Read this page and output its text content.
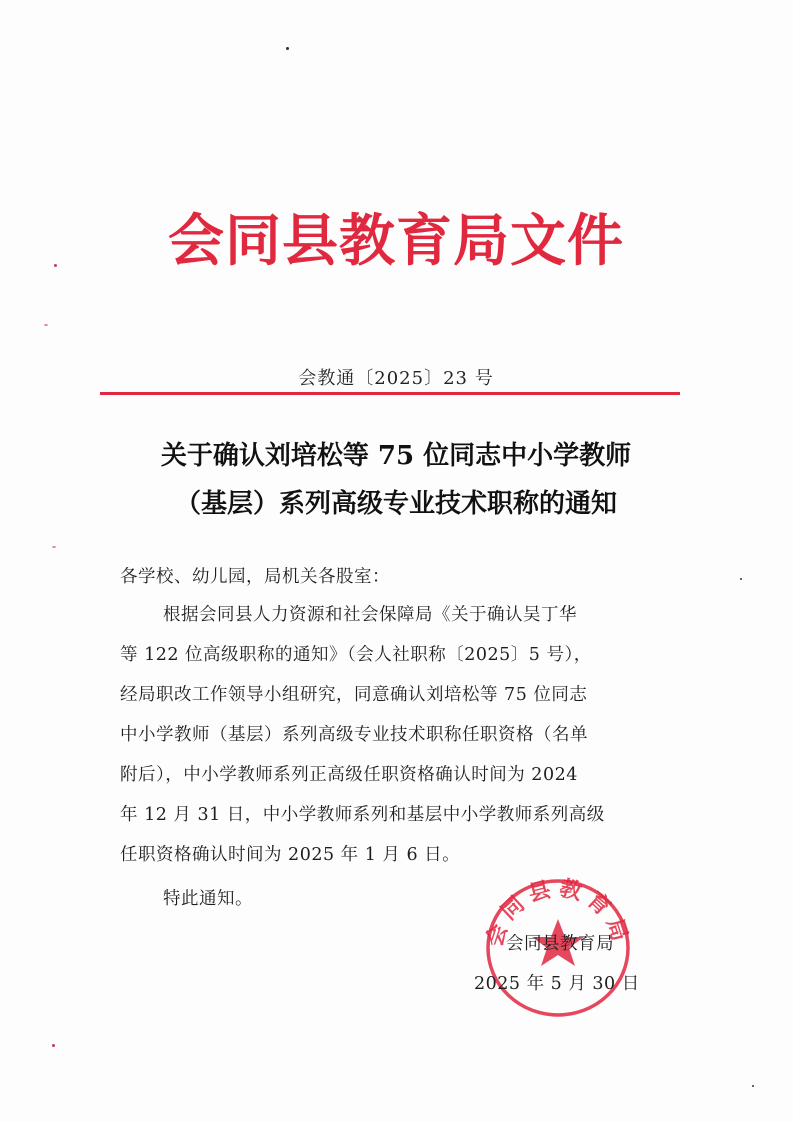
会同县教育局文件
会教通〔2025〕23 号
关于确认刘培松等 75 位同志中小学教师
（基层）系列高级专业技术职称的通知
各学校、幼儿园，局机关各股室：
根据会同县人力资源和社会保障局《关于确认吴丁华
等 122 位高级职称的通知》（会人社职称〔2025〕5 号），
经局职改工作领导小组研究，同意确认刘培松等 75 位同志
中小学教师（基层）系列高级专业技术职称任职资格（名单
附后），中小学教师系列正高级任职资格确认时间为 2024
年 12 月 31 日，中小学教师系列和基层中小学教师系列高级
任职资格确认时间为 2025 年 1 月 6 日。
特此通知。
会同县教育局
会同县教育局
2025 年 5 月 30 日
